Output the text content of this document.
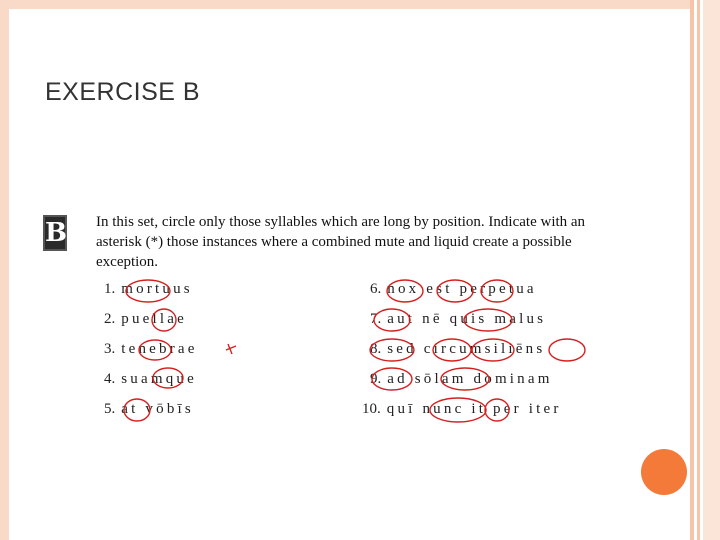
EXERCISE B
B In this set, circle only those syllables which are long by position. Indicate with an asterisk (*) those instances where a combined mute and liquid create a possible exception.
1. mortuus
2. puellae
3. tenebrae
4. suamque
5. at vōbīs
6. nox est perpetua
7. aut nē quis malus
8. sed circumsiliēns
9. ad sōlam dominam
10. quī nunc it per iter
